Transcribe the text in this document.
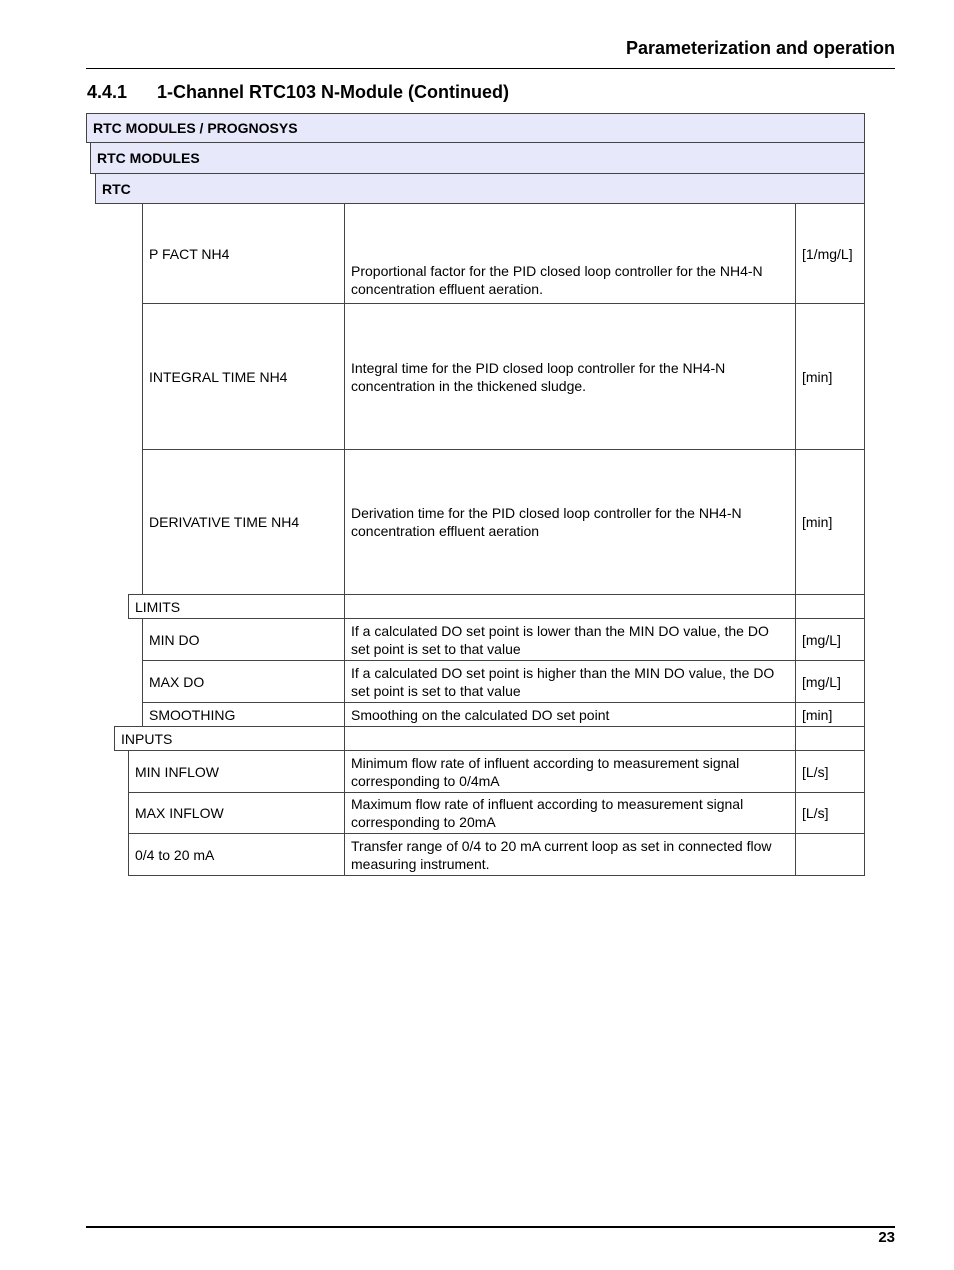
Parameterization and operation
4.4.1 1-Channel RTC103 N-Module (Continued)
RTC MODULES / PROGNOSYS
RTC MODULES
RTC
P FACT NH4
Proportional factor for the PID closed loop controller for the NH4-N concentration effluent aeration.
[1/mg/L]
INTEGRAL TIME NH4
Integral time for the PID closed loop controller for the NH4-N concentration in the thickened sludge.
[min]
DERIVATIVE TIME NH4
Derivation time for the PID closed loop controller for the NH4-N concentration effluent aeration
[min]
LIMITS
MIN DO
If a calculated DO set point is lower than the MIN DO value, the DO set point is set to that value
[mg/L]
MAX DO
If a calculated DO set point is higher than the MIN DO value, the DO set point is set to that value
[mg/L]
SMOOTHING	Smoothing on the calculated DO set point	[min]
INPUTS
MIN INFLOW
Minimum flow rate of influent according to measurement signal corresponding to 0/4mA
[L/s]
MAX INFLOW
Maximum flow rate of influent according to measurement signal corresponding to 20mA
[L/s]
0/4 to 20 mA
Transfer range of 0/4 to 20 mA current loop as set in connected flow measuring instrument.
23
